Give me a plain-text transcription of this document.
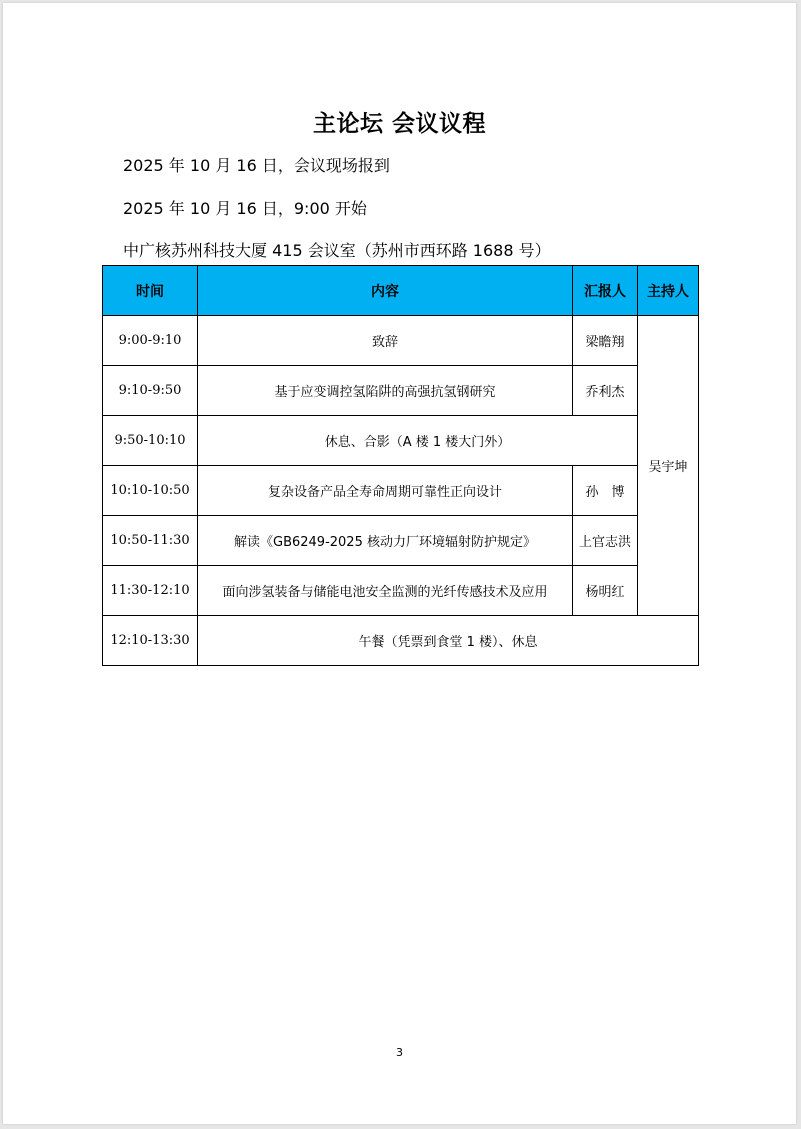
主论坛 会议议程
2025 年 10 月 16 日，会议现场报到
2025 年 10 月 16 日，9:00 开始
中广核苏州科技大厦 415 会议室（苏州市西环路 1688 号）
时间	内容	汇报人	主持人
9:00-9:10	致辞	梁瞻翔	吴宇坤
9:10-9:50	基于应变调控氢陷阱的高强抗氢钢研究	乔利杰	
9:50-10:10	休息、合影（A 楼 1 楼大门外）		
10:10-10:50	复杂设备产品全寿命周期可靠性正向设计	孙　博	
10:50-11:30	解读《GB6249-2025 核动力厂环境辐射防护规定》	上官志洪	
11:30-12:10	面向涉氢装备与储能电池安全监测的光纤传感技术及应用	杨明红	
12:10-13:30	午餐（凭票到食堂 1 楼）、休息		
3
